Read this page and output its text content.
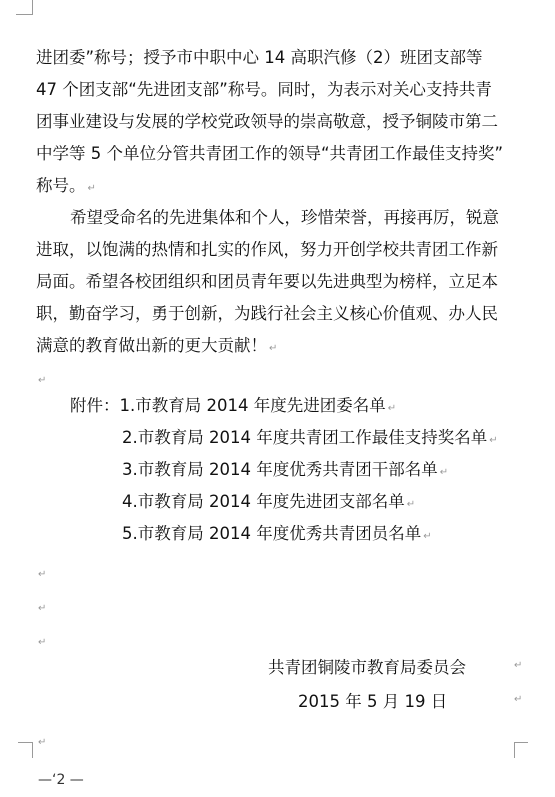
进团委”称号；授予市中职中心 14 高职汽修（2）班团支部等
47 个团支部“先进团支部”称号。同时，为表示对关心支持共青
团事业建设与发展的学校党政领导的崇高敬意，授予铜陵市第二
中学等 5 个单位分管共青团工作的领导“共青团工作最佳支持奖”
称号。 ↵
希望受命名的先进集体和个人，珍惜荣誉，再接再厉，锐意
进取，以饱满的热情和扎实的作风，努力开创学校共青团工作新
局面。希望各校团组织和团员青年要以先进典型为榜样，立足本
职，勤奋学习，勇于创新，为践行社会主义核心价值观、办人民
满意的教育做出新的更大贡献！ ↵
↵
附件：1.市教育局 2014 年度先进团委名单 ↵
2.市教育局 2014 年度共青团工作最佳支持奖名单 ↵
3.市教育局 2014 年度优秀共青团干部名单 ↵
4.市教育局 2014 年度先进团支部名单 ↵
5.市教育局 2014 年度优秀共青团员名单 ↵
↵
↵
↵
共青团铜陵市教育局委员会	↵
2015 年 5 月 19 日	↵
↵
—‘2 —
